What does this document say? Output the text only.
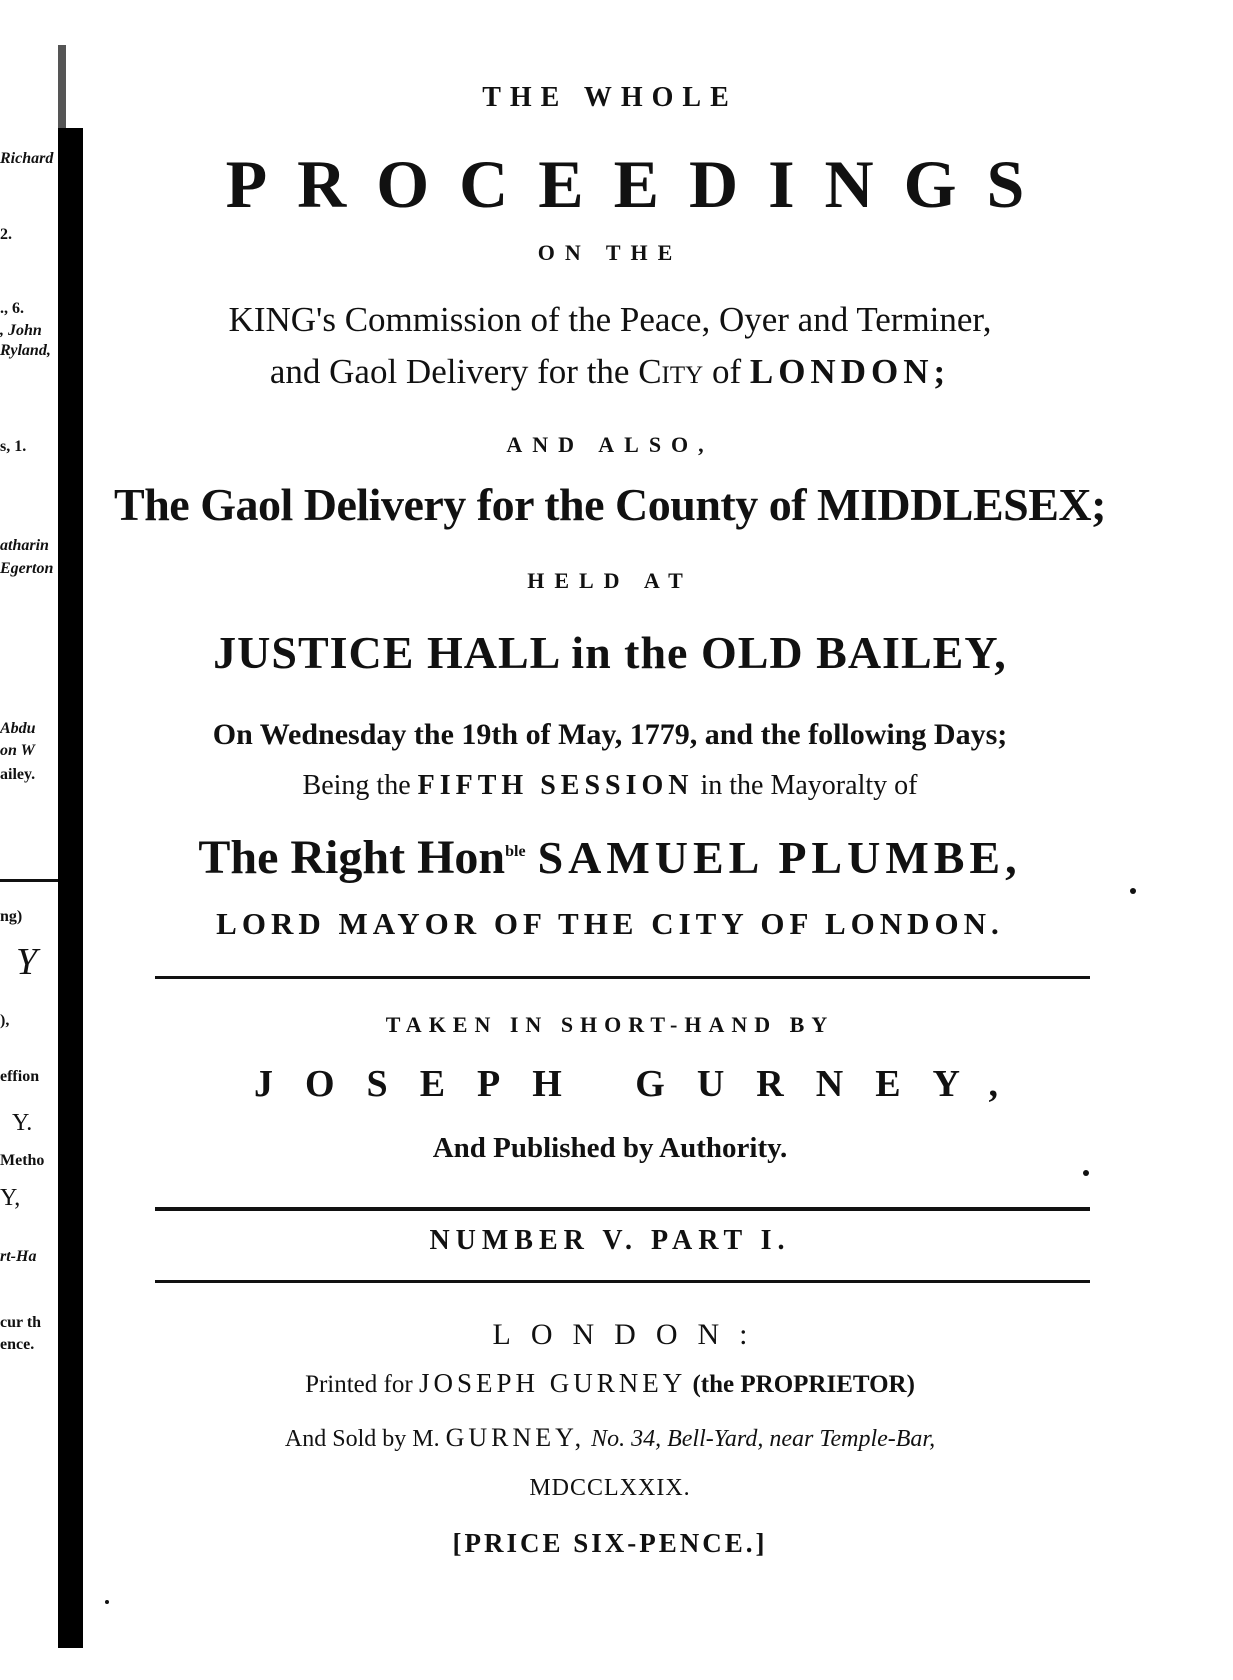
Richard
2.
., 6.
, John
Ryland,
s, 1.
atharin
Egerton
Abdu
on W
ailey.
ng)
Y
),
effion
Y.
Metho
Y,
rt-Ha
cur th
ence.
THE WHOLE
PROCEEDINGS
ON THE
KING's Commission of the Peace, Oyer and Terminer,
and Gaol Delivery for the City of LONDON;
AND ALSO,
The Gaol Delivery for the County of MIDDLESEX;
HELD AT
JUSTICE HALL in the OLD BAILEY,
On Wednesday the 19th of May, 1779, and the following Days;
Being the FIFTH SESSION in the Mayoralty of
The Right Hon$^{ble}$ SAMUEL PLUMBE,
LORD MAYOR OF THE CITY OF LONDON.
TAKEN IN SHORT-HAND BY
JOSEPH GURNEY,
And Published by Authority.
NUMBER V. PART I.
LONDON:
Printed for JOSEPH GURNEY (the PROPRIETOR)
And Sold by M. GURNEY, No. 34, Bell-Yard, near Temple-Bar,
MDCCLXXIX.
[PRICE SIX-PENCE.]
